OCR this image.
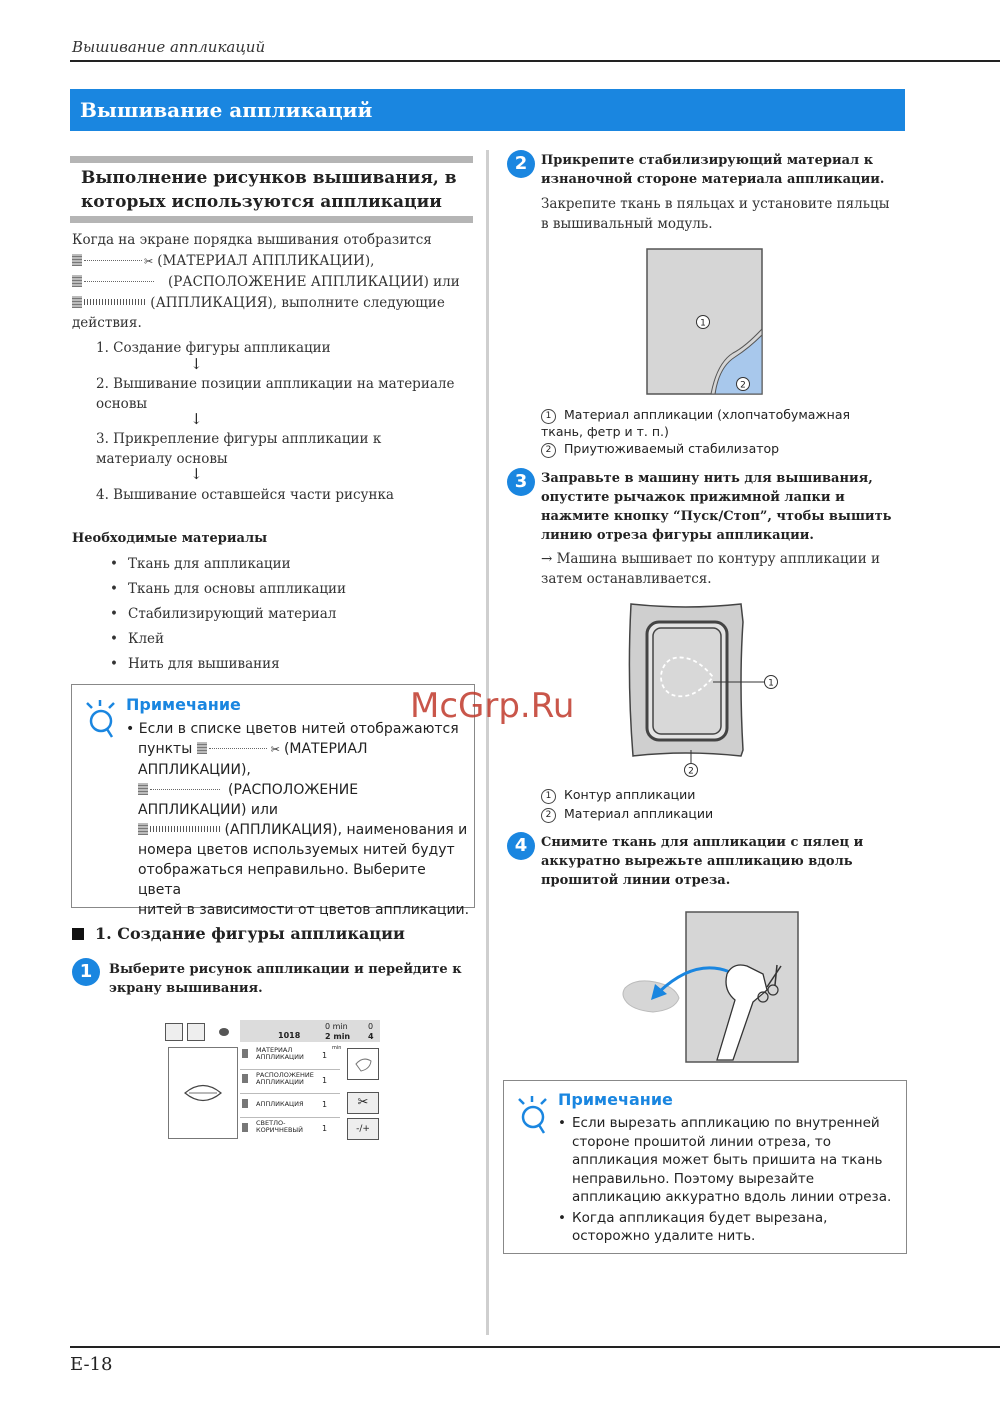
Вышивание аппликаций
Вышивание аппликаций
Выполнение рисунков вышивания, в которых используются аппликации
Когда на экране порядка вышивания отобразится
✂ (МАТЕРИАЛ АППЛИКАЦИИ),
(РАСПОЛОЖЕНИЕ АППЛИКАЦИИ) или
(АППЛИКАЦИЯ), выполните следующие
действия.
1. Создание фигуры аппликации
↓
2. Вышивание позиции аппликации на материале основы
↓
3. Прикрепление фигуры аппликации к материалу основы
↓
4. Вышивание оставшейся части рисунка
Необходимые материалы
• Ткань для аппликации
• Ткань для основы аппликации
• Стабилизирующий материал
• Клей
• Нить для вышивания
Примечание
• Если в списке цветов нитей отображаются
пункты	✂ (МАТЕРИАЛ
АППЛИКАЦИИ),
(РАСПОЛОЖЕНИЕ
АППЛИКАЦИИ) или
(АППЛИКАЦИЯ), наименования и
номера цветов используемых нитей будут
отображаться неправильно. Выберите цвета
нитей в зависимости от цветов аппликации.
1. Создание фигуры аппликации
1	Выберите рисунок аппликации и перейдите к экрану вышивания.
1018
0 min
2 min
0
4
МАТЕРИАЛ АППЛИКАЦИИ	1
min
РАСПОЛОЖЕНИЕ АППЛИКАЦИИ	1
АППЛИКАЦИЯ 1
СВЕТЛО-КОРИЧНЕВЫЙ	1
✂
-/+
2	Прикрепите стабилизирующий материал к изнаночной стороне материала аппликации.
Закрепите ткань в пяльцах и установите пяльцы в вышивальный модуль.
1
2
1 Материал аппликации (хлопчатобумажная ткань, фетр и т. п.)
2 Приутюживаемый стабилизатор
3	Заправьте в машину нить для вышивания, опустите рычажок прижимной лапки и нажмите кнопку “Пуск/Стоп”, чтобы вышить линию отреза фигуры аппликации.
→ Машина вышивает по контуру аппликации и затем останавливается.
1
2
1 Контур аппликации
2 Материал аппликации
4	Снимите ткань для аппликации с пялец и аккуратно вырежьте аппликацию вдоль прошитой линии отреза.
Примечание
• Если вырезать аппликацию по внутренней стороне прошитой линии отреза, то аппликация может быть пришита на ткань неправильно. Поэтому вырезайте аппликацию аккуратно вдоль линии отреза.
• Когда аппликация будет вырезана, осторожно удалите нить.
McGrp.Ru
E-18
